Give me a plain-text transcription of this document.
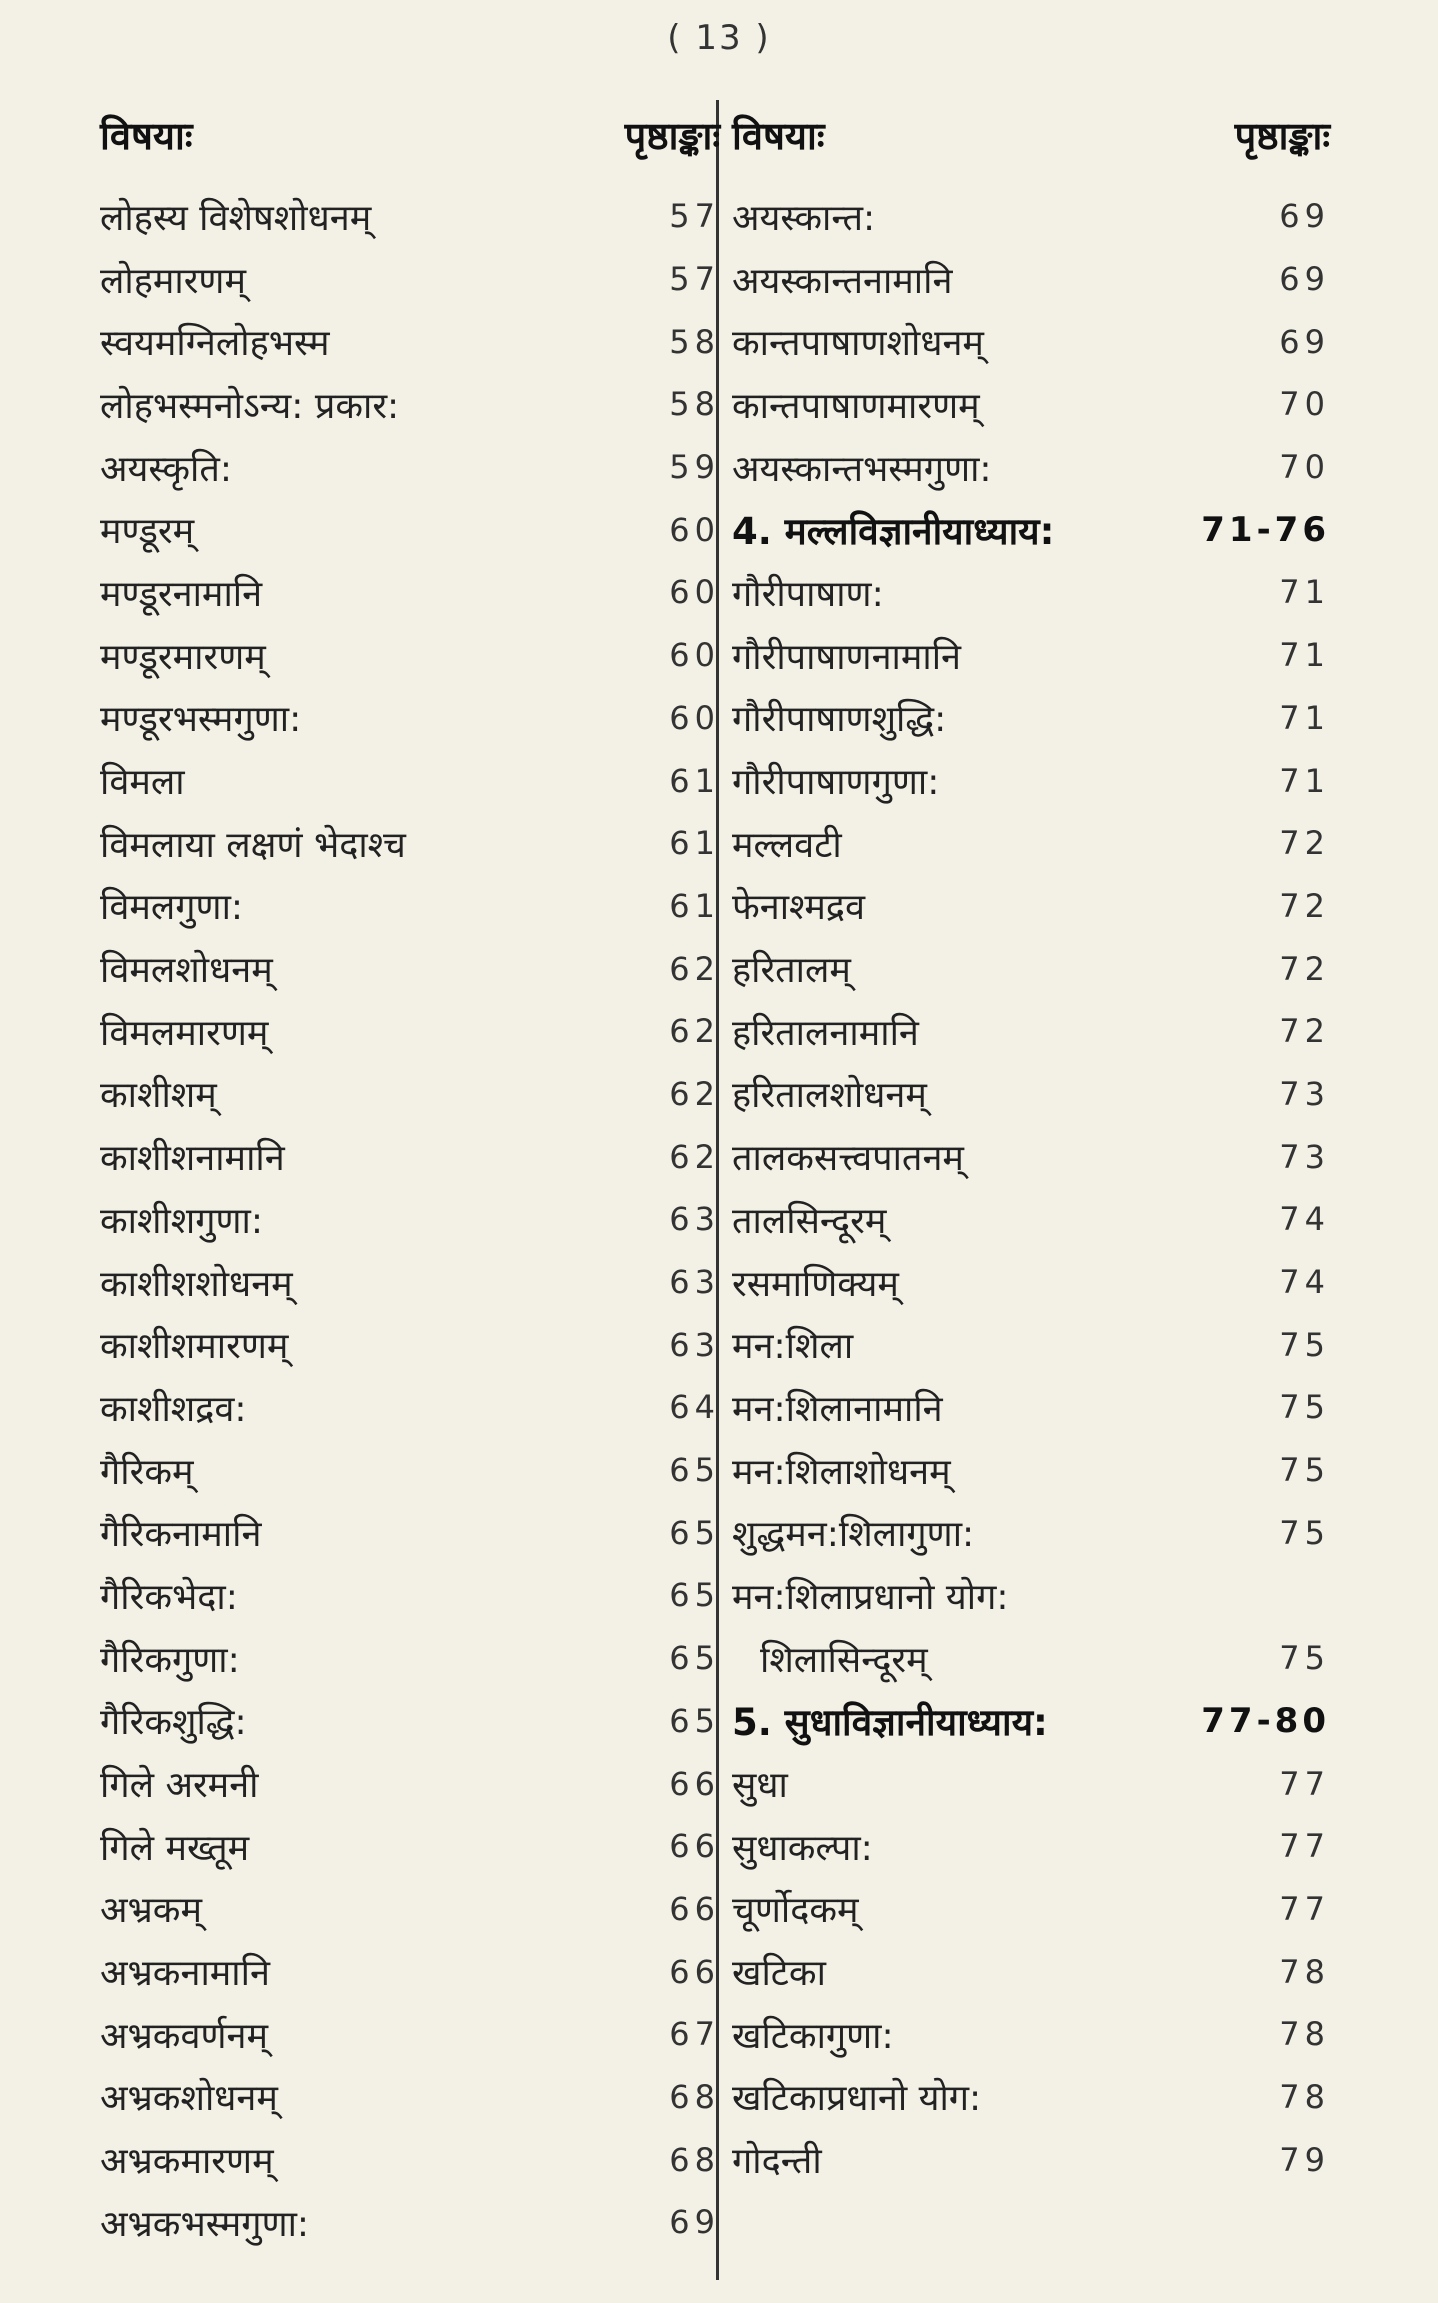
( 13 )
विषयाः	पृष्ठाङ्काः
लोहस्य विशेषशोधनम्	57
लोहमारणम्	57
स्वयमग्निलोहभस्म	58
लोहभस्मनोऽन्य: प्रकार:	58
अयस्कृति:	59
मण्डूरम्	60
मण्डूरनामानि	60
मण्डूरमारणम्	60
मण्डूरभस्मगुणा:	60
विमला	61
विमलाया लक्षणं भेदाश्च	61
विमलगुणा:	61
विमलशोधनम्	62
विमलमारणम्	62
काशीशम्	62
काशीशनामानि	62
काशीशगुणा:	63
काशीशशोधनम्	63
काशीशमारणम्	63
काशीशद्रव:	64
गैरिकम्	65
गैरिकनामानि	65
गैरिकभेदा:	65
गैरिकगुणा:	65
गैरिकशुद्धि:	65
गिले अरमनी	66
गिले मख्तूम	66
अभ्रकम्	66
अभ्रकनामानि	66
अभ्रकवर्णनम्	67
अभ्रकशोधनम्	68
अभ्रकमारणम्	68
अभ्रकभस्मगुणा:	69
विषयाः	पृष्ठाङ्काः
अयस्कान्त:	69
अयस्कान्तनामानि	69
कान्तपाषाणशोधनम्	69
कान्तपाषाणमारणम्	70
अयस्कान्तभस्मगुणा:	70
4. मल्लविज्ञानीयाध्याय:	71-76
गौरीपाषाण:	71
गौरीपाषाणनामानि	71
गौरीपाषाणशुद्धि:	71
गौरीपाषाणगुणा:	71
मल्लवटी	72
फेनाश्मद्रव	72
हरितालम्	72
हरितालनामानि	72
हरितालशोधनम्	73
तालकसत्त्वपातनम्	73
तालसिन्दूरम्	74
रसमाणिक्यम्	74
मन:शिला	75
मन:शिलानामानि	75
मन:शिलाशोधनम्	75
शुद्धमन:शिलागुणा:	75
मन:शिलाप्रधानो योग:
शिलासिन्दूरम्	75
5. सुधाविज्ञानीयाध्याय:	77-80
सुधा	77
सुधाकल्पा:	77
चूर्णोदकम्	77
खटिका	78
खटिकागुणा:	78
खटिकाप्रधानो योग:	78
गोदन्ती	79
